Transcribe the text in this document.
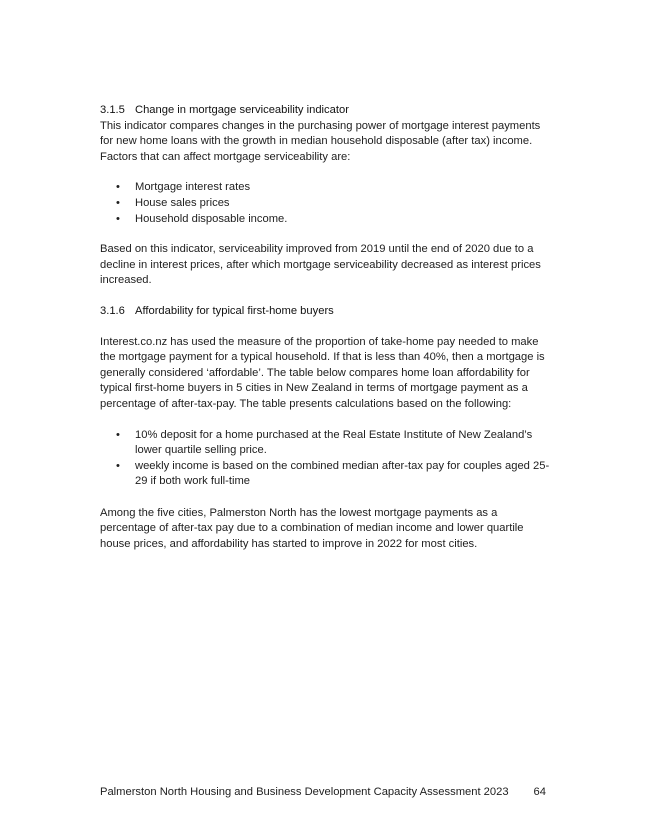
3.1.5 Change in mortgage serviceability indicator

This indicator compares changes in the purchasing power of mortgage interest payments for new home loans with the growth in median household disposable (after tax) income. Factors that can affect mortgage serviceability are:

• Mortgage interest rates
• House sales prices
• Household disposable income.

Based on this indicator, serviceability improved from 2019 until the end of 2020 due to a decline in interest prices, after which mortgage serviceability decreased as interest prices increased.

3.1.6 Affordability for typical first-home buyers

Interest.co.nz has used the measure of the proportion of take-home pay needed to make the mortgage payment for a typical household. If that is less than 40%, then a mortgage is generally considered ‘affordable’. The table below compares home loan affordability for typical first-home buyers in 5 cities in New Zealand in terms of mortgage payment as a percentage of after-tax-pay. The table presents calculations based on the following:

• 10% deposit for a home purchased at the Real Estate Institute of New Zealand’s lower quartile selling price.
• weekly income is based on the combined median after-tax pay for couples aged 25-29 if both work full-time

Among the five cities, Palmerston North has the lowest mortgage payments as a percentage of after-tax pay due to a combination of median income and lower quartile house prices, and affordability has started to improve in 2022 for most cities.

Palmerston North Housing and Business Development Capacity Assessment 2023 64
